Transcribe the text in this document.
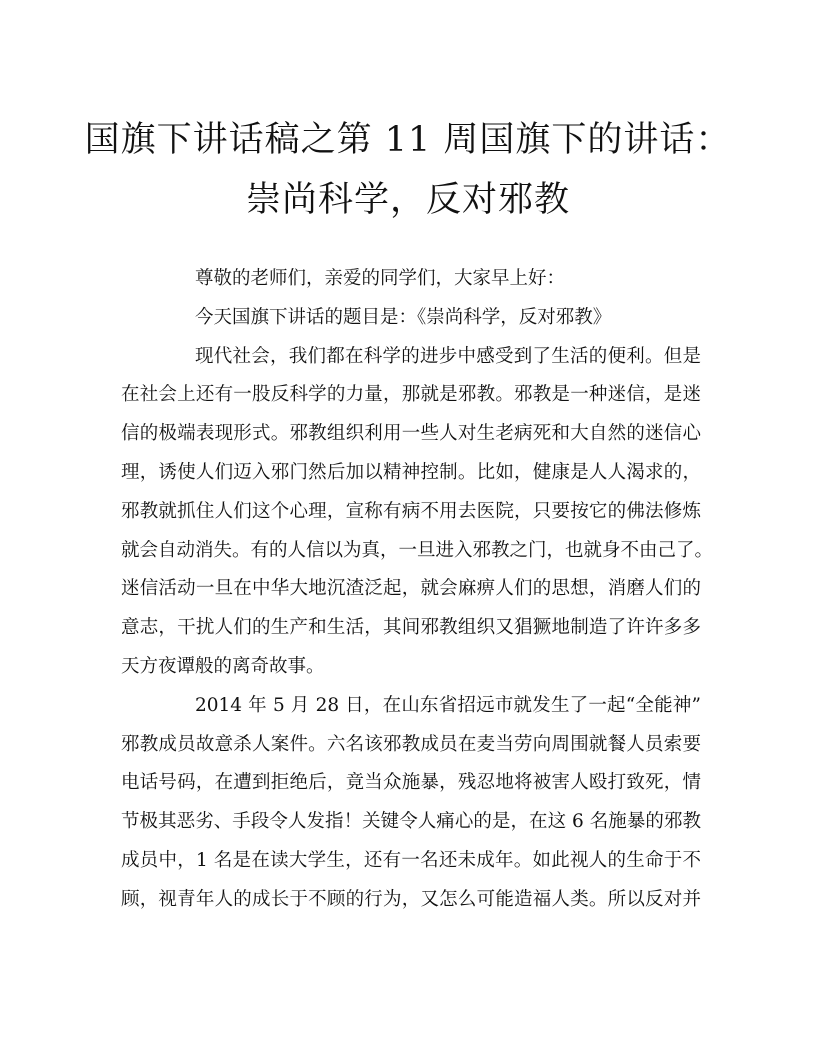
国旗下讲话稿之第 11 周国旗下的讲话：
崇尚科学，反对邪教
尊敬的老师们，亲爱的同学们，大家早上好：
今天国旗下讲话的题目是：《崇尚科学，反对邪教》
现代社会，我们都在科学的进步中感受到了生活的便利。但是
在社会上还有一股反科学的力量，那就是邪教。邪教是一种迷信，是迷
信的极端表现形式。邪教组织利用一些人对生老病死和大自然的迷信心
理，诱使人们迈入邪门然后加以精神控制。比如，健康是人人渴求的，
邪教就抓住人们这个心理，宣称有病不用去医院，只要按它的佛法修炼
就会自动消失。有的人信以为真，一旦进入邪教之门，也就身不由己了。
迷信活动一旦在中华大地沉渣泛起，就会麻痹人们的思想，消磨人们的
意志，干扰人们的生产和生活，其间邪教组织又猖獗地制造了许许多多
天方夜谭般的离奇故事。
2014 年 5 月 28 日，在山东省招远市就发生了一起“全能神”
邪教成员故意杀人案件。六名该邪教成员在麦当劳向周围就餐人员索要
电话号码，在遭到拒绝后，竟当众施暴，残忍地将被害人殴打致死，情
节极其恶劣、手段令人发指！关键令人痛心的是，在这 6 名施暴的邪教
成员中，1 名是在读大学生，还有一名还未成年。如此视人的生命于不
顾，视青年人的成长于不顾的行为，又怎么可能造福人类。所以反对并
